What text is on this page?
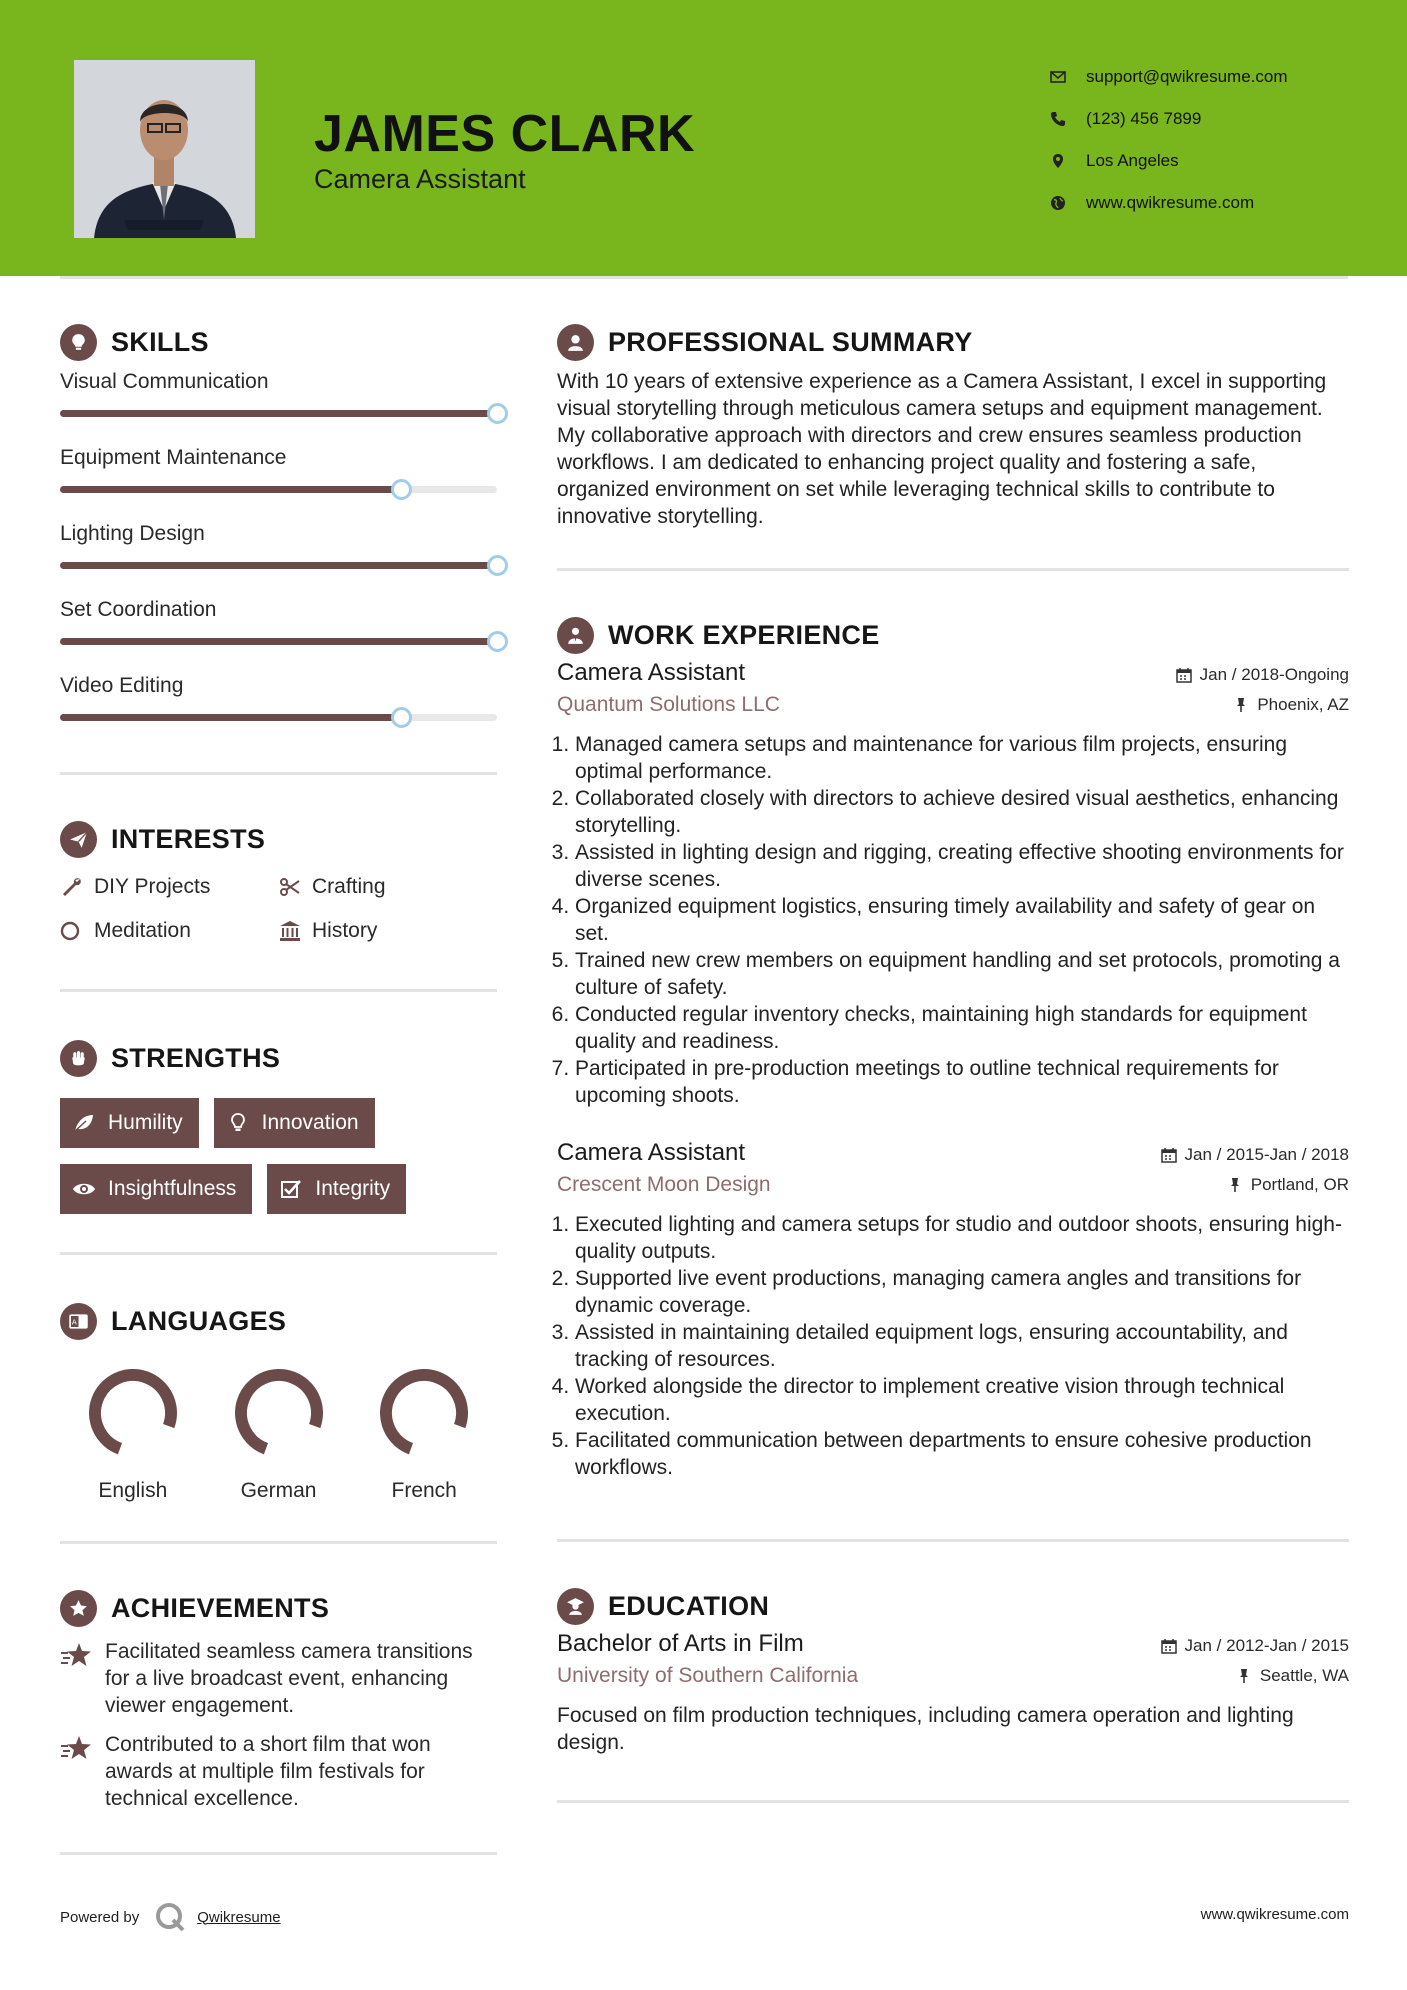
JAMES CLARK
Camera Assistant
support@qwikresume.com
(123) 456 7899
Los Angeles
www.qwikresume.com
SKILLS
Visual Communication
Equipment Maintenance
Lighting Design
Set Coordination
Video Editing
INTERESTS
DIY Projects	Crafting
Meditation	History
STRENGTHS
Humility	Innovation
Insightfulness	Integrity
A LANGUAGES
English	German	French
ACHIEVEMENTS
Facilitated seamless camera transitions for a live broadcast event, enhancing viewer engagement.
Contributed to a short film that won awards at multiple film festivals for technical excellence.
PROFESSIONAL SUMMARY
With 10 years of extensive experience as a Camera Assistant, I excel in supporting visual storytelling through meticulous camera setups and equipment management. My collaborative approach with directors and crew ensures seamless production workflows. I am dedicated to enhancing project quality and fostering a safe, organized environment on set while leveraging technical skills to contribute to innovative storytelling.
WORK EXPERIENCE
Camera Assistant	Jan / 2018-Ongoing
Quantum Solutions LLC	Phoenix, AZ
1. Managed camera setups and maintenance for various film projects, ensuring optimal performance.
2. Collaborated closely with directors to achieve desired visual aesthetics, enhancing storytelling.
3. Assisted in lighting design and rigging, creating effective shooting environments for diverse scenes.
4. Organized equipment logistics, ensuring timely availability and safety of gear on set.
5. Trained new crew members on equipment handling and set protocols, promoting a culture of safety.
6. Conducted regular inventory checks, maintaining high standards for equipment quality and readiness.
7. Participated in pre-production meetings to outline technical requirements for upcoming shoots.
Camera Assistant	Jan / 2015-Jan / 2018
Crescent Moon Design	Portland, OR
1. Executed lighting and camera setups for studio and outdoor shoots, ensuring high-quality outputs.
2. Supported live event productions, managing camera angles and transitions for dynamic coverage.
3. Assisted in maintaining detailed equipment logs, ensuring accountability, and tracking of resources.
4. Worked alongside the director to implement creative vision through technical execution.
5. Facilitated communication between departments to ensure cohesive production workflows.
EDUCATION
Bachelor of Arts in Film	Jan / 2012-Jan / 2015
University of Southern California	Seattle, WA
Focused on film production techniques, including camera operation and lighting design.
Powered by	Qwikresume	www.qwikresume.com
